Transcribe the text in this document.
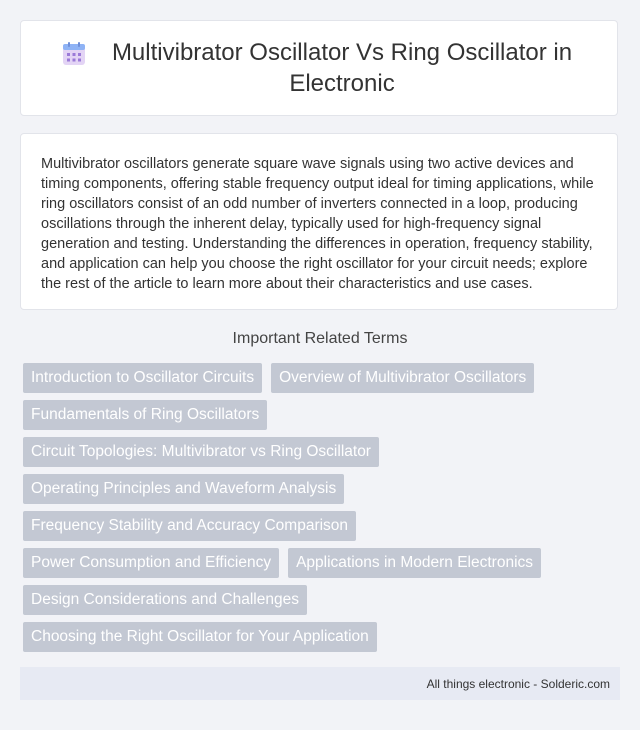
Multivibrator Oscillator Vs Ring Oscillator in Electronic

Multivibrator oscillators generate square wave signals using two active devices and timing components, offering stable frequency output ideal for timing applications, while ring oscillators consist of an odd number of inverters connected in a loop, producing oscillations through the inherent delay, typically used for high-frequency signal generation and testing. Understanding the differences in operation, frequency stability, and application can help you choose the right oscillator for your circuit needs; explore the rest of the article to learn more about their characteristics and use cases.

Important Related Terms
Introduction to Oscillator Circuits	Overview of Multivibrator Oscillators
Fundamentals of Ring Oscillators
Circuit Topologies: Multivibrator vs Ring Oscillator
Operating Principles and Waveform Analysis
Frequency Stability and Accuracy Comparison
Power Consumption and Efficiency	Applications in Modern Electronics
Design Considerations and Challenges
Choosing the Right Oscillator for Your Application
All things electronic - Solderic.com
